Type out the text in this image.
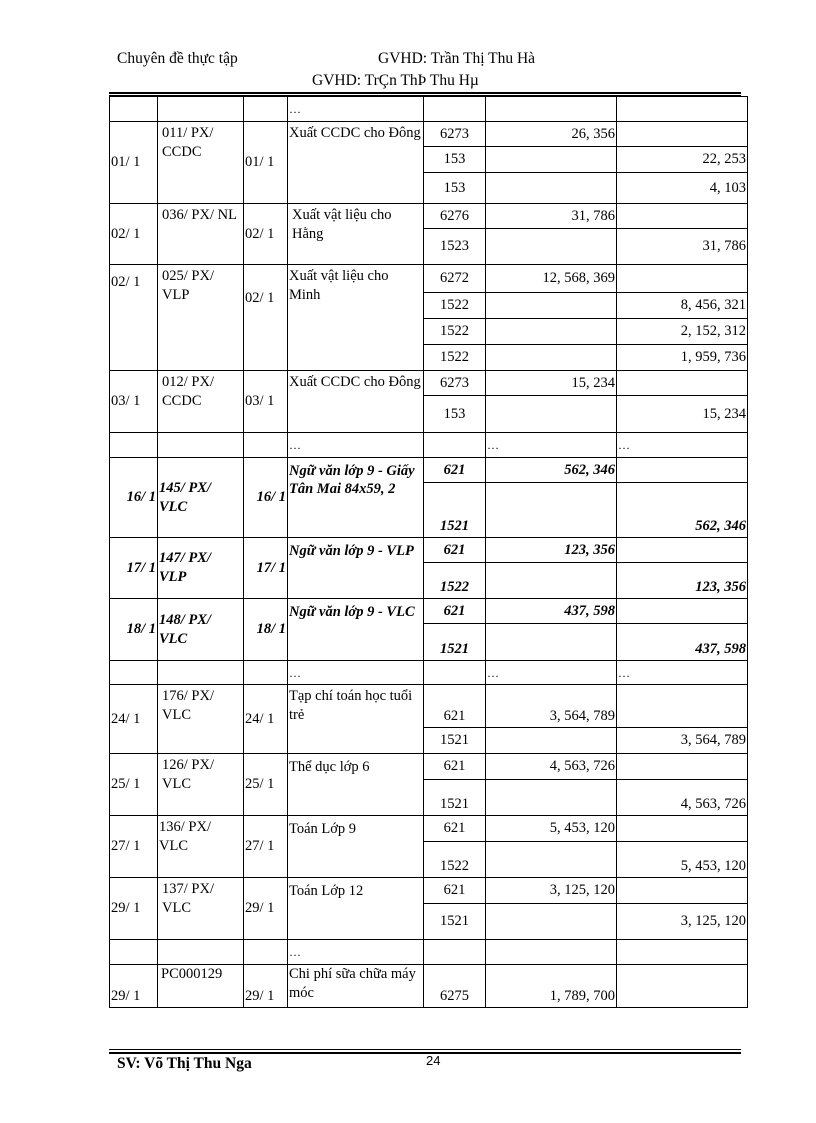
Chuyên đề thực tập	GVHD: Trần Thị Thu Hà
GVHD: TrÇn ThÞ Thu Hµ
			…			
01/ 1	011/ PX/ CCDC	01/ 1	Xuất CCDC cho Đông	6273	26, 356	
				153		22, 253
				153		4, 103
02/ 1	036/ PX/ NL	02/ 1	Xuất vật liệu cho Hằng	6276	31, 786	
				1523		31, 786
02/ 1	025/ PX/ VLP	02/ 1	Xuất vật liệu cho Minh	6272	12, 568, 369	
				1522		8, 456, 321
				1522		2, 152, 312
				1522		1, 959, 736
03/ 1	012/ PX/ CCDC	03/ 1	Xuất CCDC cho Đông	6273	15, 234	
				153		15, 234
			…		…	…
16/ 1	145/ PX/ VLC	16/ 1	Ngữ văn lớp 9 - Giấy Tân Mai 84x59, 2	621	562, 346	
				1521		562, 346
17/ 1	147/ PX/ VLP	17/ 1	Ngữ văn lớp 9 - VLP	621	123, 356	
				1522		123, 356
18/ 1	148/ PX/ VLC	18/ 1	Ngữ văn lớp 9 - VLC	621	437, 598	
				1521		437, 598
			…		…	…
24/ 1	176/ PX/ VLC	24/ 1	Tạp chí toán học tuổi trẻ	621	3, 564, 789	
				1521		3, 564, 789
25/ 1	126/ PX/ VLC	25/ 1	Thể dục lớp 6	621	4, 563, 726	
				1521		4, 563, 726
27/ 1	136/ PX/ VLC	27/ 1	Toán Lớp 9	621	5, 453, 120	
				1522		5, 453, 120
29/ 1	137/ PX/ VLC	29/ 1	Toán Lớp 12	621	3, 125, 120	
				1521		3, 125, 120
			…			
29/ 1	PC000129	29/ 1	Chi phí sữa chữa máy móc	6275	1, 789, 700	
SV: Võ Thị Thu Nga	24
